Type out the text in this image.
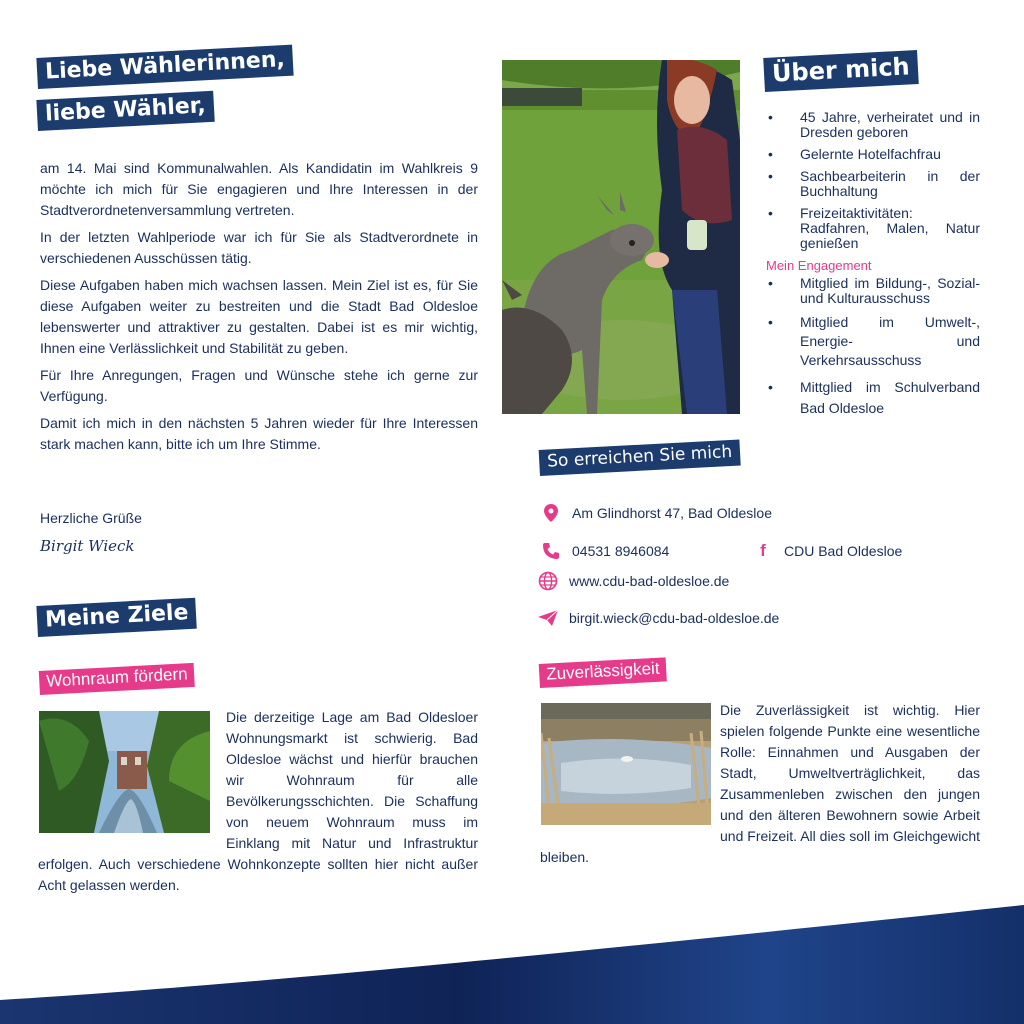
Liebe Wählerinnen,
liebe Wähler,

am 14. Mai sind Kommunalwahlen. Als Kandidatin im Wahlkreis 9 möchte ich mich für Sie engagieren und Ihre Interessen in der Stadtverordnetenversammlung vertreten.

In der letzten Wahlperiode war ich für Sie als Stadtverordnete in verschiedenen Ausschüssen tätig.

Diese Aufgaben haben mich wachsen lassen. Mein Ziel ist es, für Sie diese Aufgaben weiter zu bestreiten und die Stadt Bad Oldesloe lebenswerter und attraktiver zu gestalten. Dabei ist es mir wichtig, Ihnen eine Verlässlichkeit und Stabilität zu geben.

Für Ihre Anregungen, Fragen und Wünsche stehe ich gerne zur Verfügung.

Damit ich mich in den nächsten 5 Jahren wieder für Ihre Interessen stark machen kann, bitte ich um Ihre Stimme.

Herzliche Grüße
Birgit Wieck
Meine Ziele
Wohnraum fördern
Die derzeitige Lage am Bad Oldesloer Wohnungsmarkt ist schwierig. Bad Oldesloe wächst und hierfür brauchen wir Wohnraum für alle Bevölkerungsschichten. Die Schaffung von neuem Wohnraum muss im Einklang mit Natur und Infrastruktur erfolgen. Auch verschiedene Wohnkonzepte sollten hier nicht außer Acht gelassen werden.
Über mich
• 45 Jahre, verheiratet und in Dresden geboren
• Gelernte Hotelfachfrau
• Sachbearbeiterin in der Buchhaltung
• Freizeitaktivitäten: Radfahren, Malen, Natur genießen
Mein Engagement
• Mitglied im Bildung-, Sozial- und Kulturausschuss
• Mitglied im Umwelt-, Energie- und Verkehrsausschuss
• Mittglied im Schulverband Bad Oldesloe
So erreichen Sie mich
Am Glindhorst 47, Bad Oldesloe
04531 8946084	f	CDU Bad Oldesloe
www.cdu-bad-oldesloe.de
birgit.wieck@cdu-bad-oldesloe.de
Zuverlässigkeit
Die Zuverlässigkeit ist wichtig. Hier spielen folgende Punkte eine wesentliche Rolle: Einnahmen und Ausgaben der Stadt, Umweltverträglichkeit, das Zusammenleben zwischen den jungen und den älteren Bewohnern sowie Arbeit und Freizeit. All dies soll im Gleichgewicht bleiben.
